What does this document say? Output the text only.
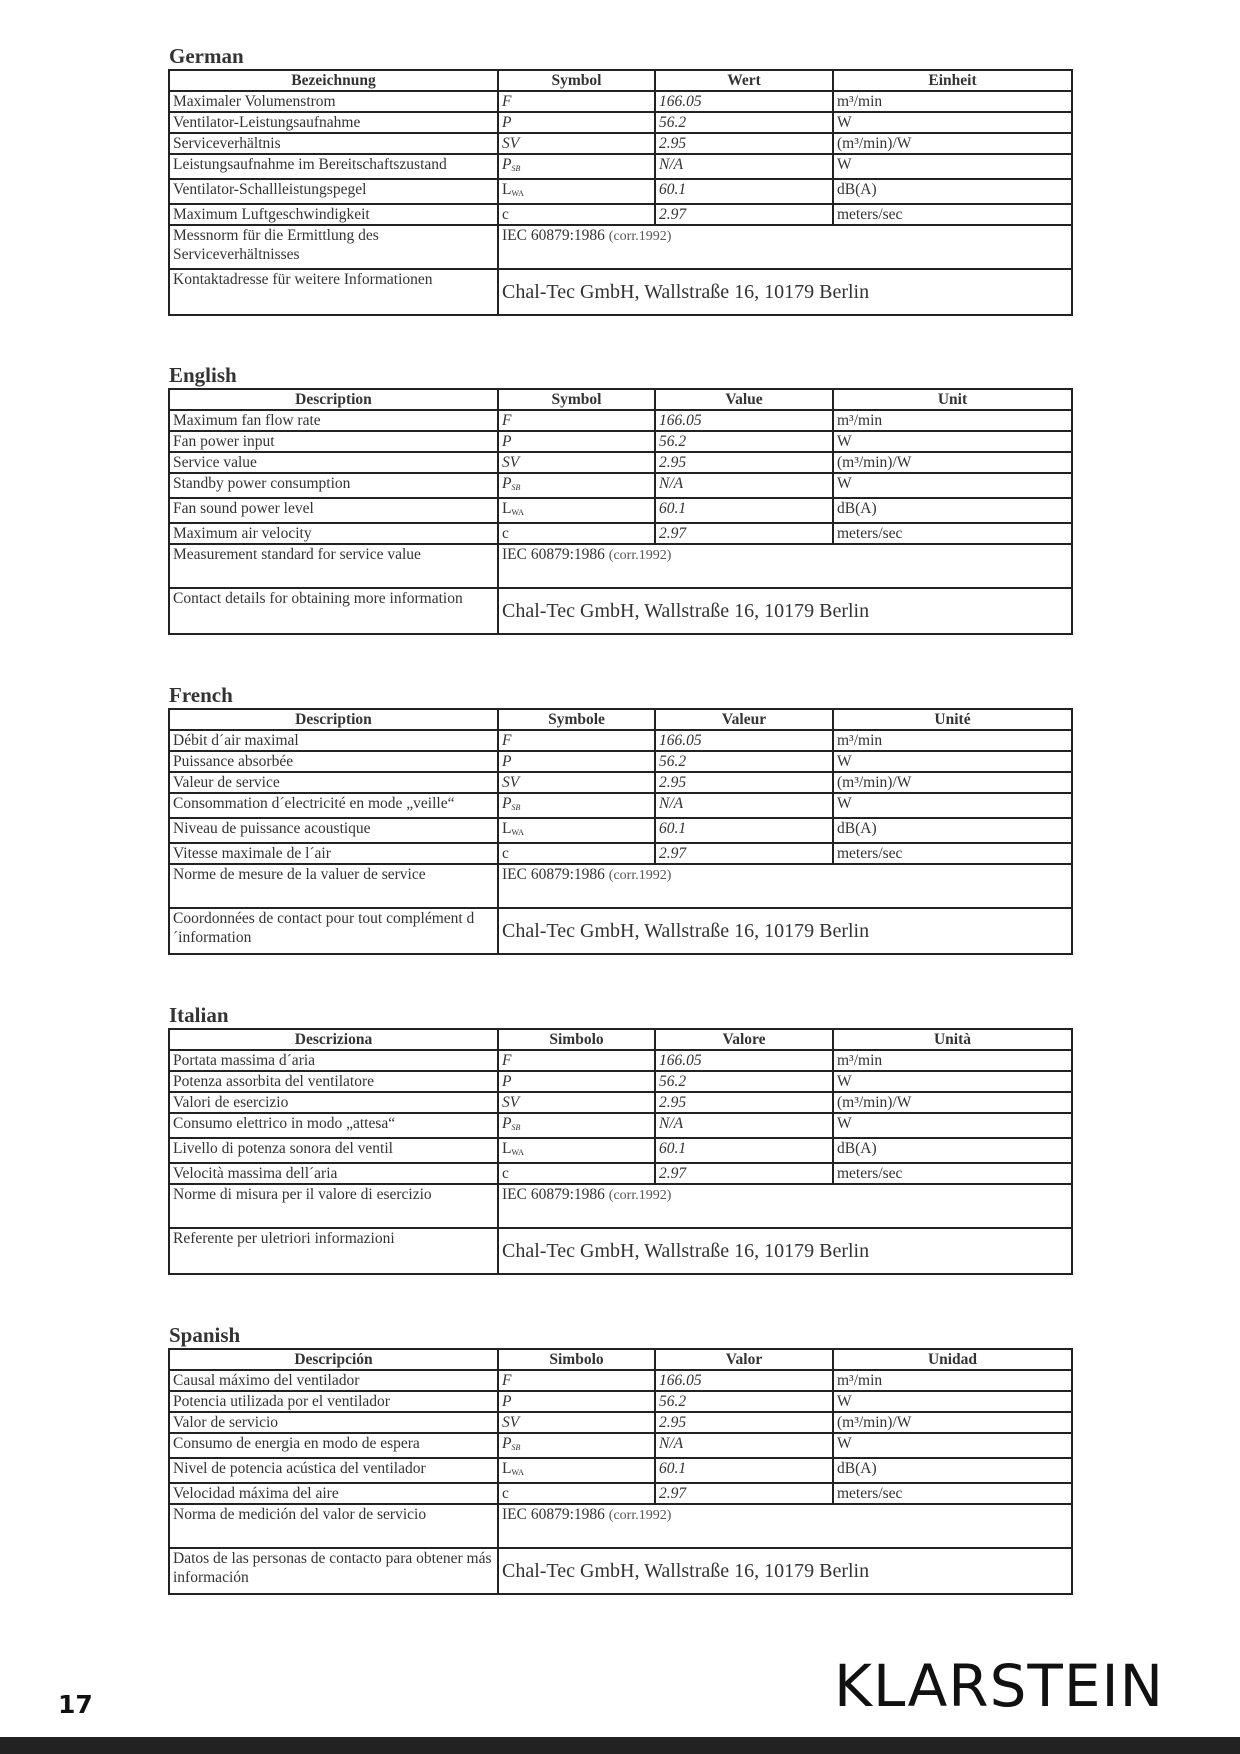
German
Bezeichnung	Symbol	Wert	Einheit
Maximaler Volumenstrom	F	166.05	m³/min
Ventilator-Leistungsaufnahme	P	56.2	W
Serviceverhältnis	SV	2.95	(m³/min)/W
Leistungsaufnahme im Bereitschaftszustand	$P_{SB}$	N/A	W
Ventilator-Schallleistungspegel	$L_{WA}$	60.1	dB(A)
Maximum Luftgeschwindigkeit	c	2.97	meters/sec
Messnorm für die Ermittlung des Serviceverhältnisses	IEC 60879:1986 (corr.1992)		
Kontaktadresse für weitere Informationen	Chal-Tec GmbH, Wallstraße 16, 10179 Berlin		
English
Description	Symbol	Value	Unit
Maximum fan flow rate	F	166.05	m³/min
Fan power input	P	56.2	W
Service value	SV	2.95	(m³/min)/W
Standby power consumption	$P_{SB}$	N/A	W
Fan sound power level	$L_{WA}$	60.1	dB(A)
Maximum air velocity	c	2.97	meters/sec
Measurement standard for service value	IEC 60879:1986 (corr.1992)		
Contact details for obtaining more information	Chal-Tec GmbH, Wallstraße 16, 10179 Berlin		
French
Description	Symbole	Valeur	Unité
Débit d´air maximal	F	166.05	m³/min
Puissance absorbée	P	56.2	W
Valeur de service	SV	2.95	(m³/min)/W
Consommation d´electricité en mode „veille“	$P_{SB}$	N/A	W
Niveau de puissance acoustique	$L_{WA}$	60.1	dB(A)
Vitesse maximale de l´air	c	2.97	meters/sec
Norme de mesure de la valuer de service	IEC 60879:1986 (corr.1992)		
Coordonnées de contact pour tout complément d´information	Chal-Tec GmbH, Wallstraße 16, 10179 Berlin		
Italian
Descriziona	Simbolo	Valore	Unità
Portata massima d´aria	F	166.05	m³/min
Potenza assorbita del ventilatore	P	56.2	W
Valori de esercizio	SV	2.95	(m³/min)/W
Consumo elettrico in modo „attesa“	$P_{SB}$	N/A	W
Livello di potenza sonora del ventil	$L_{WA}$	60.1	dB(A)
Velocità massima dell´aria	c	2.97	meters/sec
Norme di misura per il valore di esercizio	IEC 60879:1986 (corr.1992)		
Referente per uletriori informazioni	Chal-Tec GmbH, Wallstraße 16, 10179 Berlin		
Spanish
Descripción	Simbolo	Valor	Unidad
Causal máximo del ventilador	F	166.05	m³/min
Potencia utilizada por el ventilador	P	56.2	W
Valor de servicio	SV	2.95	(m³/min)/W
Consumo de energia en modo de espera	$P_{SB}$	N/A	W
Nivel de potencia acústica del ventilador	$L_{WA}$	60.1	dB(A)
Velocidad máxima del aire	c	2.97	meters/sec
Norma de medición del valor de servicio	IEC 60879:1986 (corr.1992)		
Datos de las personas de contacto para obtener más información	Chal-Tec GmbH, Wallstraße 16, 10179 Berlin		
17	KLARSTEIN
